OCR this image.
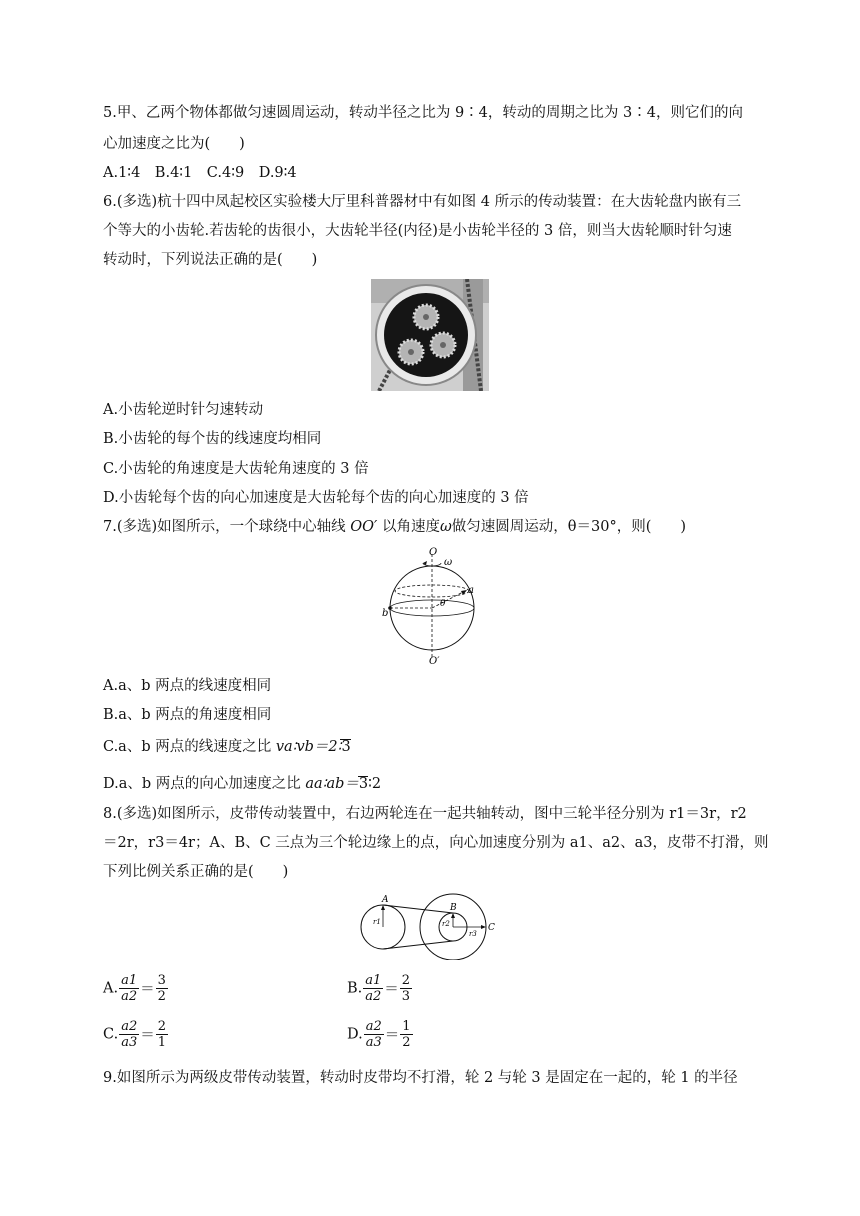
5.甲、乙两个物体都做匀速圆周运动，转动半径之比为 9∶4，转动的周期之比为 3∶4，则它们的向
心加速度之比为(　　)
A.1∶4　B.4∶1　C.4∶9　D.9∶4
6.(多选)杭十四中凤起校区实验楼大厅里科普器材中有如图 4 所示的传动装置：在大齿轮盘内嵌有三
个等大的小齿轮.若齿轮的齿很小，大齿轮半径(内径)是小齿轮半径的 3 倍，则当大齿轮顺时针匀速
转动时，下列说法正确的是(　　)
A.小齿轮逆时针匀速转动
B.小齿轮的每个齿的线速度均相同
C.小齿轮的角速度是大齿轮角速度的 3 倍
D.小齿轮每个齿的向心加速度是大齿轮每个齿的向心加速度的 3 倍
7.(多选)如图所示，一个球绕中心轴线 OO′ 以角速度ω做匀速圆周运动，θ＝30°，则(　　)
O
ω
a
b
θ
O′
A.a、b 两点的线速度相同
B.a、b 两点的角速度相同
C.a、b 两点的线速度之比 va∶vb＝2∶3
D.a、b 两点的向心加速度之比 aa∶ab＝3∶2
8.(多选)如图所示，皮带传动装置中，右边两轮连在一起共轴转动，图中三轮半径分别为 r1＝3r，r2
＝2r，r3＝4r；A、B、C 三点为三个轮边缘上的点，向心加速度分别为 a1、a2、a3，皮带不打滑，则
下列比例关系正确的是(　　)
A
B
C
r1	r2
r3
A. $\frac{a1}{a2} = \frac{3}{2}$	B. $\frac{a1}{a2} = \frac{2}{3}$
C. $\frac{a2}{a3} = \frac{2}{1}$	D. $\frac{a2}{a3} = \frac{1}{2}$
9.如图所示为两级皮带传动装置，转动时皮带均不打滑，轮 2 与轮 3 是固定在一起的，轮 1 的半径
